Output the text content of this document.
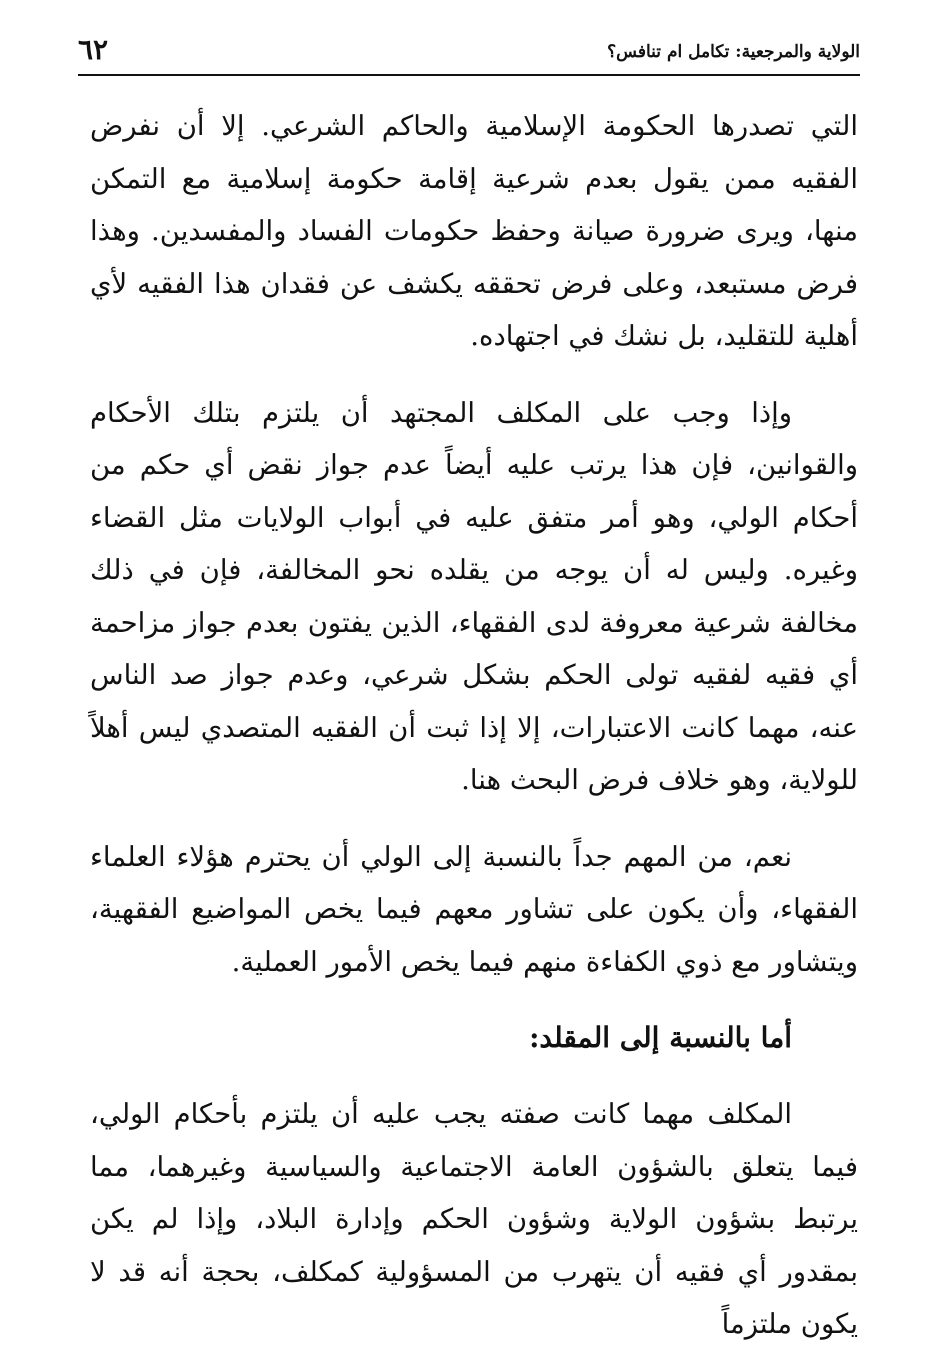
٦٢	الولاية والمرجعية: تكامل ام تنافس؟

التي تصدرها الحكومة الإسلامية والحاكم الشرعي. إلا أن نفرض الفقيه ممن يقول بعدم شرعية إقامة حكومة إسلامية مع التمكن منها، ويرى ضرورة صيانة وحفظ حكومات الفساد والمفسدين. وهذا فرض مستبعد، وعلى فرض تحققه يكشف عن فقدان هذا الفقيه لأي أهلية للتقليد، بل نشك في اجتهاده.

وإذا وجب على المكلف المجتهد أن يلتزم بتلك الأحكام والقوانين، فإن هذا يرتب عليه أيضاً عدم جواز نقض أي حكم من أحكام الولي، وهو أمر متفق عليه في أبواب الولايات مثل القضاء وغيره. وليس له أن يوجه من يقلده نحو المخالفة، فإن في ذلك مخالفة شرعية معروفة لدى الفقهاء، الذين يفتون بعدم جواز مزاحمة أي فقيه لفقيه تولى الحكم بشكل شرعي، وعدم جواز صد الناس عنه، مهما كانت الاعتبارات، إلا إذا ثبت أن الفقيه المتصدي ليس أهلاً للولاية، وهو خلاف فرض البحث هنا.

نعم، من المهم جداً بالنسبة إلى الولي أن يحترم هؤلاء العلماء الفقهاء، وأن يكون على تشاور معهم فيما يخص المواضيع الفقهية، ويتشاور مع ذوي الكفاءة منهم فيما يخص الأمور العملية.

أما بالنسبة إلى المقلد:

المكلف مهما كانت صفته يجب عليه أن يلتزم بأحكام الولي، فيما يتعلق بالشؤون العامة الاجتماعية والسياسية وغيرهما، مما يرتبط بشؤون الولاية وشؤون الحكم وإدارة البلاد، وإذا لم يكن بمقدور أي فقيه أن يتهرب من المسؤولية كمكلف، بحجة أنه قد لا يكون ملتزماً
